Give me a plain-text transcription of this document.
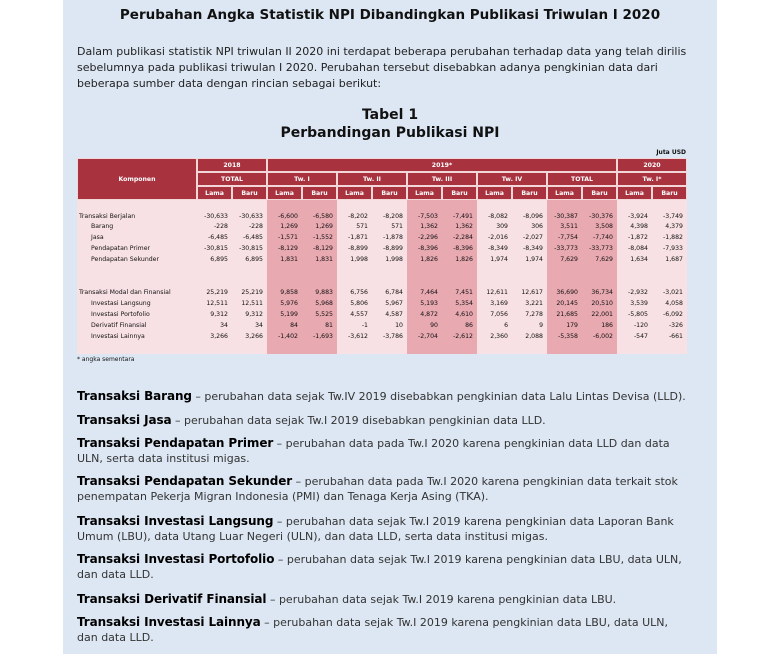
Perubahan Angka Statistik NPI Dibandingkan Publikasi Triwulan I 2020
Dalam publikasi statistik NPI triwulan II 2020 ini terdapat beberapa perubahan terhadap data yang telah dirilis sebelumnya pada publikasi triwulan I 2020. Perubahan tersebut disebabkan adanya pengkinian data dari beberapa sumber data dengan rincian sebagai berikut:
Tabel 1
Perbandingan Publikasi NPI
Juta USD
Komponen
2018	2019*	2020
TOTAL	Tw. I	Tw. II	Tw. III	Tw. IV	TOTAL	Tw. I*
Lama	Baru	Lama	Baru	Lama	Baru	Lama	Baru	Lama	Baru	Lama	Baru	Lama	Baru
Transaksi Berjalan	-30,633	-30,633	-6,600	-6,580	-8,202	-8,208	-7,503	-7,491	-8,082	-8,096	-30,387	-30,376	-3,924	-3,749
Barang	-228	-228	1,269	1,269	571	571	1,362	1,362	309	306	3,511	3,508	4,398	4,379
Jasa	-6,485	-6,485	-1,571	-1,552	-1,871	-1,878	-2,296	-2,284	-2,016	-2,027	-7,754	-7,740	-1,872	-1,882
Pendapatan Primer	-30,815	-30,815	-8,129	-8,129	-8,899	-8,899	-8,396	-8,396	-8,349	-8,349	-33,773	-33,773	-8,084	-7,933
Pendapatan Sekunder	6,895	6,895	1,831	1,831	1,998	1,998	1,826	1,826	1,974	1,974	7,629	7,629	1,634	1,687
Transaksi Modal dan Finansial	25,219	25,219	9,858	9,883	6,756	6,784	7,464	7,451	12,611	12,617	36,690	36,734	-2,932	-3,021
Investasi Langsung	12,511	12,511	5,976	5,968	5,806	5,967	5,193	5,354	3,169	3,221	20,145	20,510	3,539	4,058
Investasi Portofolio	9,312	9,312	5,199	5,525	4,557	4,587	4,872	4,610	7,056	7,278	21,685	22,001	-5,805	-6,092
Derivatif Finansial	34	34	84	81	-1	10	90	86	6	9	179	186	-120	-326
Investasi Lainnya	3,266	3,266	-1,402	-1,693	-3,612	-3,786	-2,704	-2,612	2,360	2,088	-5,358	-6,002	-547	-661
* angka sementara
Transaksi Barang – perubahan data sejak Tw.IV 2019 disebabkan pengkinian data Lalu Lintas Devisa (LLD).
Transaksi Jasa – perubahan data sejak Tw.I 2019 disebabkan pengkinian data LLD.
Transaksi Pendapatan Primer – perubahan data pada Tw.I 2020 karena pengkinian data LLD dan data ULN, serta data institusi migas.
Transaksi Pendapatan Sekunder – perubahan data pada Tw.I 2020 karena pengkinian data terkait stok penempatan Pekerja Migran Indonesia (PMI) dan Tenaga Kerja Asing (TKA).
Transaksi Investasi Langsung – perubahan data sejak Tw.I 2019 karena pengkinian data Laporan Bank Umum (LBU), data Utang Luar Negeri (ULN), dan data LLD, serta data institusi migas.
Transaksi Investasi Portofolio – perubahan data sejak Tw.I 2019 karena pengkinian data LBU, data ULN, dan data LLD.
Transaksi Derivatif Finansial – perubahan data sejak Tw.I 2019 karena pengkinian data LBU.
Transaksi Investasi Lainnya – perubahan data sejak Tw.I 2019 karena pengkinian data LBU, data ULN, dan data LLD.
